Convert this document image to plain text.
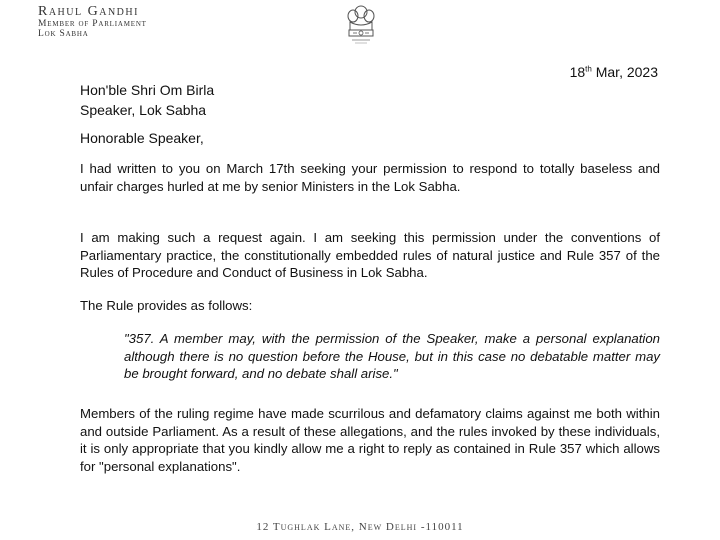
Rahul Gandhi
Member of Parliament
Lok Sabha
18th Mar, 2023
Hon'ble Shri Om Birla
Speaker, Lok Sabha
Honorable Speaker,

I had written to you on March 17th seeking your permission to respond to totally baseless and unfair charges hurled at me by senior Ministers in the Lok Sabha.

I am making such a request again. I am seeking this permission under the conventions of Parliamentary practice, the constitutionally embedded rules of natural justice and Rule 357 of the Rules of Procedure and Conduct of Business in Lok Sabha.

The Rule provides as follows:

"357. A member may, with the permission of the Speaker, make a personal explanation although there is no question before the House, but in this case no debatable matter may be brought forward, and no debate shall arise."

Members of the ruling regime have made scurrilous and defamatory claims against me both within and outside Parliament. As a result of these allegations, and the rules invoked by these individuals, it is only appropriate that you kindly allow me a right to reply as contained in Rule 357 which allows for "personal explanations".

12 Tughlak Lane, New Delhi -110011
